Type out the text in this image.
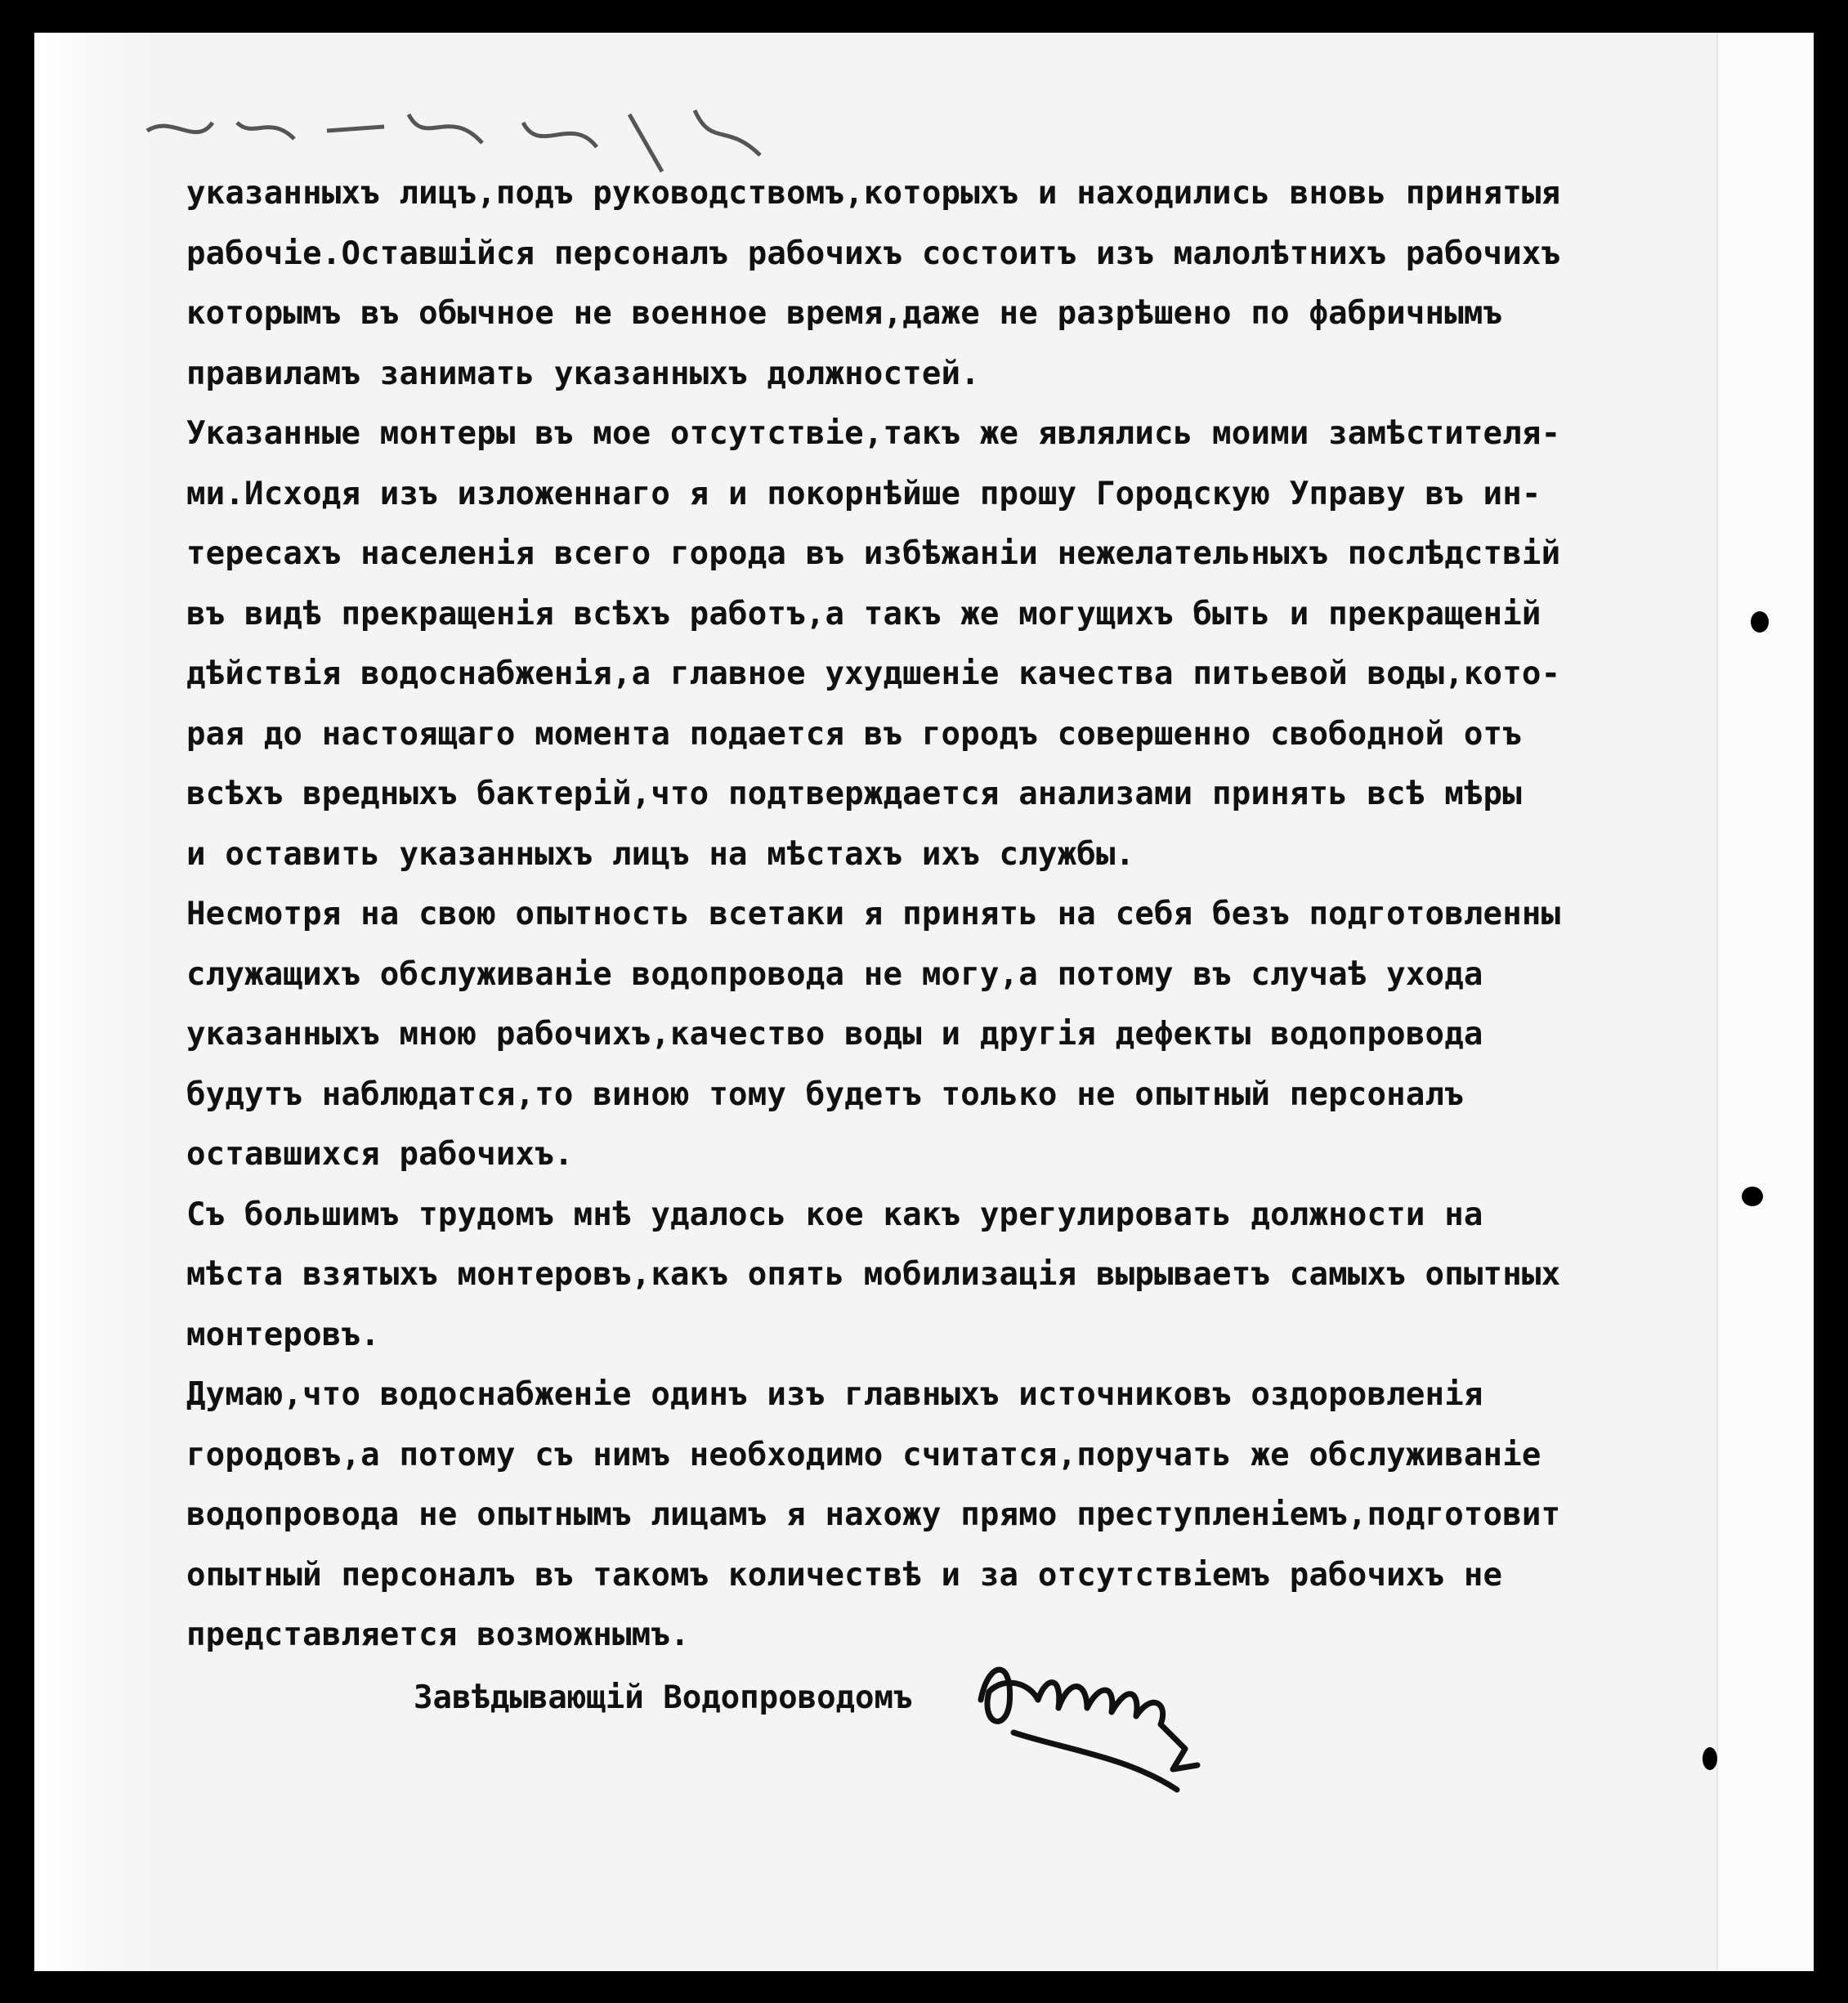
указанныхъ лицъ,подъ руководствомъ,которыхъ и находились вновь принятыя
рабочiе.Оставшiйся персоналъ рабочихъ состоитъ изъ малолѣтнихъ рабочихъ
которымъ въ обычное не военное время,даже не разрѣшено по фабричнымъ
правиламъ занимать указанныхъ должностей.
Указанные монтеры въ мое отсутствiе,такъ же являлись моими замѣстителя-
ми.Исходя изъ изложеннаго я и покорнѣйше прошу Городскую Управу въ ин-
тересахъ населенiя всего города въ избѣжанiи нежелательныхъ послѣдствiй
въ видѣ прекращенiя всѣхъ работъ,а такъ же могущихъ быть и прекращенiй
дѣйствiя водоснабженiя,а главное ухудшенiе качества питьевой воды,кото-
рая до настоящаго момента подается въ городъ совершенно свободной отъ
всѣхъ вредныхъ бактерiй,что подтверждается анализами принять всѣ мѣры
и оставить указанныхъ лицъ на мѣстахъ ихъ службы.
Несмотря на свою опытность всетаки я принять на себя безъ подготовленны
служащихъ обслуживанiе водопровода не могу,а потому въ случаѣ ухода
указанныхъ мною рабочихъ,качество воды и другiя дефекты водопровода
будутъ наблюдатся,то виною тому будетъ только не опытный персоналъ
оставшихся рабочихъ.
Съ большимъ трудомъ мнѣ удалось кое какъ урегулировать должности на
мѣста взятыхъ монтеровъ,какъ опять мобилизацiя вырываетъ самыхъ опытных
монтеровъ.
Думаю,что водоснабженiе одинъ изъ главныхъ источниковъ оздоровленiя
городовъ,а потому съ нимъ необходимо считатся,поручать же обслуживанiе
водопровода не опытнымъ лицамъ я нахожу прямо преступленiемъ,подготовит
опытный персоналъ въ такомъ количествѣ и за отсутствiемъ рабочихъ не
представляется возможнымъ.
Завѣдывающiй Водопроводомъ
